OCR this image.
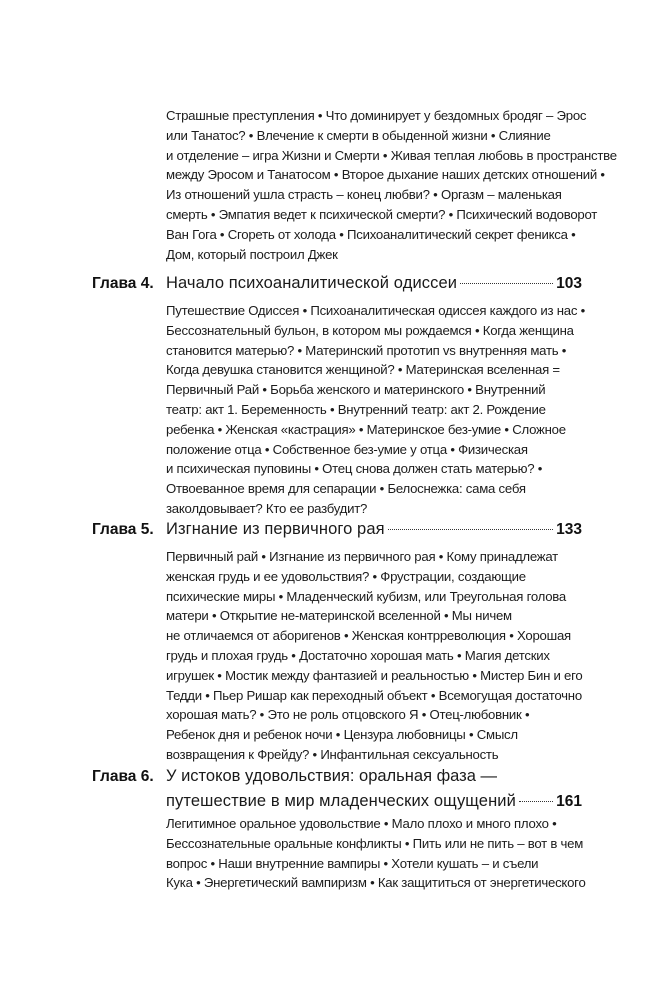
Страшные преступления • Что доминирует у бездомных бродяг – Эрос
или Танатос? • Влечение к смерти в обыденной жизни • Слияние
и отделение – игра Жизни и Смерти • Живая теплая любовь в пространстве
между Эросом и Танатосом • Второе дыхание наших детских отношений •
Из отношений ушла страсть – конец любви? • Оргазм – маленькая
смерть • Эмпатия ведет к психической смерти? • Психический водоворот
Ван Гога • Сгореть от холода • Психоаналитический секрет феникса •
Дом, который построил Джек
Глава 4. Начало психоаналитической одиссеи	103
Путешествие Одиссея • Психоаналитическая одиссея каждого из нас •
Бессознательный бульон, в котором мы рождаемся • Когда женщина
становится матерью? • Материнский прототип vs внутренняя мать •
Когда девушка становится женщиной? • Материнская вселенная =
Первичный Рай • Борьба женского и материнского • Внутренний
театр: акт 1. Беременность • Внутренний театр: акт 2. Рождение
ребенка • Женская «кастрация» • Материнское без-умие • Сложное
положение отца • Собственное без-умие у отца • Физическая
и психическая пуповины • Отец снова должен стать матерью? •
Отвоеванное время для сепарации • Белоснежка: сама себя
заколдовывает? Кто ее разбудит?
Глава 5. Изгнание из первичного рая	133
Первичный рай • Изгнание из первичного рая • Кому принадлежат
женская грудь и ее удовольствия? • Фрустрации, создающие
психические миры • Младенческий кубизм, или Треугольная голова
матери • Открытие не-материнской вселенной • Мы ничем
не отличаемся от аборигенов • Женская контрреволюция • Хорошая
грудь и плохая грудь • Достаточно хорошая мать • Магия детских
игрушек • Мостик между фантазией и реальностью • Мистер Бин и его
Тедди • Пьер Ришар как переходный объект • Всемогущая достаточно
хорошая мать? • Это не роль отцовского Я • Отец-любовник •
Ребенок дня и ребенок ночи • Цензура любовницы • Смысл
возвращения к Фрейду? • Инфантильная сексуальность
Глава 6. У истоков удовольствия: оральная фаза —
путешествие в мир младенческих ощущений	161
Легитимное оральное удовольствие • Мало плохо и много плохо •
Бессознательные оральные конфликты • Пить или не пить – вот в чем
вопрос • Наши внутренние вампиры • Хотели кушать – и съели
Кука • Энергетический вампиризм • Как защититься от энергетического
